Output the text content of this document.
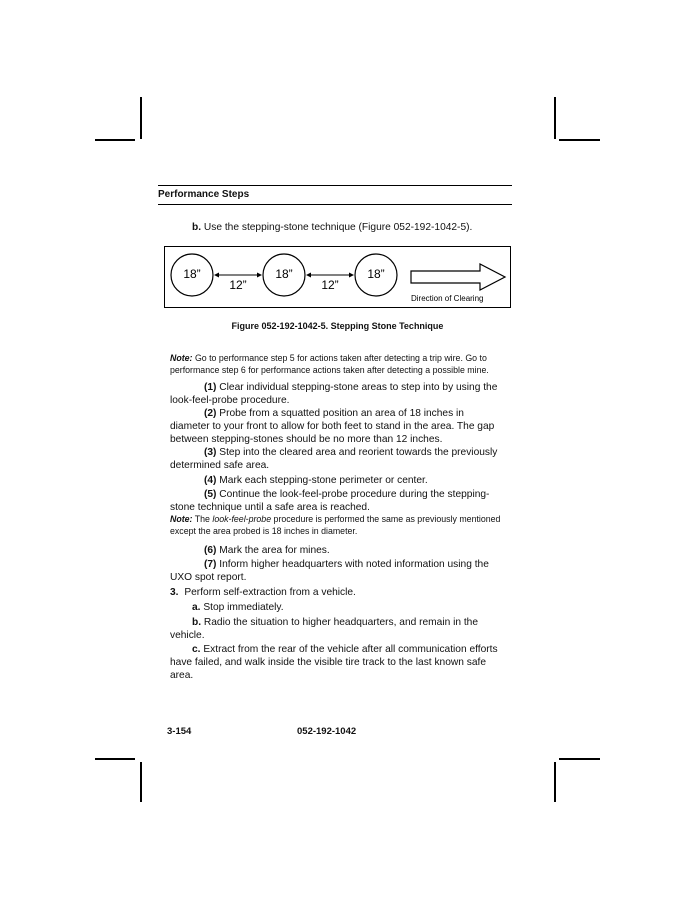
Performance Steps
b. Use the stepping-stone technique (Figure 052-192-1042-5).
18”	18”	18”
12”	12”
Direction of Clearing
Figure 052-192-1042-5. Stepping Stone Technique
Note: Go to performance step 5 for actions taken after detecting a trip wire. Go to performance step 6 for performance actions taken after detecting a possible mine.
(1) Clear individual stepping-stone areas to step into by using the look-feel-probe procedure.
(2) Probe from a squatted position an area of 18 inches in diameter to your front to allow for both feet to stand in the area. The gap between stepping-stones should be no more than 12 inches.
(3) Step into the cleared area and reorient towards the previously determined safe area.
(4) Mark each stepping-stone perimeter or center.
(5) Continue the look-feel-probe procedure during the stepping-stone technique until a safe area is reached.
Note: The look-feel-probe procedure is performed the same as previously mentioned except the area probed is 18 inches in diameter.
(6) Mark the area for mines.
(7) Inform higher headquarters with noted information using the UXO spot report.
3. Perform self-extraction from a vehicle.
a. Stop immediately.
b. Radio the situation to higher headquarters, and remain in the vehicle.
c. Extract from the rear of the vehicle after all communication efforts have failed, and walk inside the visible tire track to the last known safe area.
3-154	052-192-1042
